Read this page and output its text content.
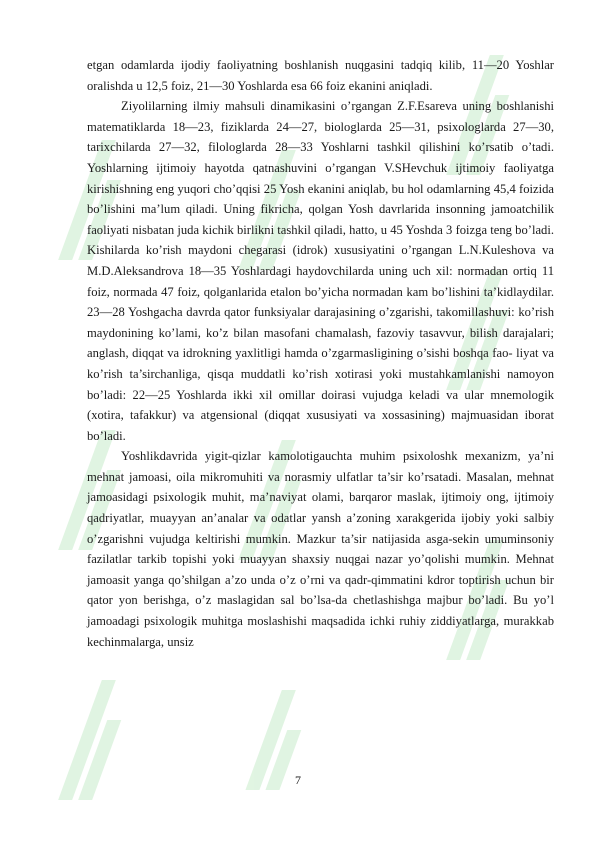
etgan odamlarda ijodiy faoliyatning boshlanish nuqgasini tadqiq kilib, 11—20 Yoshlar oralishda u 12,5 foiz, 21—30 Yoshlarda esa 66 foiz ekanini aniqladi.

Ziyolilarning ilmiy mahsuli dinamikasini o’rgangan Z.F.Esareva uning boshlanishi matematiklarda 18—23, fiziklarda 24—27, biologlarda 25—31, psixologlarda 27—30, tarixchilarda 27—32, filologlarda 28—33 Yoshlarni tashkil qilishini ko’rsatib o’tadi. Yoshlarning ijtimoiy hayotda qatnashuvini o’rgangan V.SHevchuk ijtimoiy faoliyatga kirishishning eng yuqori cho’qqisi 25 Yosh ekanini aniqlab, bu hol odamlarning 45,4 foizida bo’lishini ma’lum qiladi. Uning fikricha, qolgan Yosh davrlarida insonning jamoatchilik faoliyati nisbatan juda kichik birlikni tashkil qiladi, hatto, u 45 Yoshda 3 foizga teng bo’ladi. Kishilarda ko’rish maydoni chegarasi (idrok) xususiyatini o’rgangan L.N.Kuleshova va M.D.Aleksandrova 18—35 Yoshlardagi haydovchilarda uning uch xil: normadan ortiq 11 foiz, normada 47 foiz, qolganlarida etalon bo’yicha normadan kam bo’lishini ta’kidlaydilar. 23—28 Yoshgacha davrda qator funksiyalar darajasining o’zgarishi, takomillashuvi: ko’rish maydonining ko’lami, ko’z bilan masofani chamalash, fazoviy tasavvur, bilish darajalari; anglash, diqqat va idrokning yaxlitligi hamda o’zgarmasligining o’sishi boshqa fao- liyat va ko’rish ta’sirchanliga, qisqa muddatli ko’rish xotirasi yoki mustahkamlanishi namoyon bo’ladi: 22—25 Yoshlarda ikki xil omillar doirasi vujudga keladi va ular mnemologik (xotira, tafakkur) va atgensional (diqqat xususiyati va xossasining) majmuasidan iborat bo’ladi.

Yoshlikdavrida yigit-qizlar kamolotigauchta muhim psixoloshk mexanizm, ya’ni mehnat jamoasi, oila mikromuhiti va norasmiy ulfatlar ta’sir ko’rsatadi. Masalan, mehnat jamoasidagi psixologik muhit, ma’naviyat olami, barqaror maslak, ijtimoiy ong, ijtimoiy qadriyatlar, muayyan an’analar va odatlar yansh a’zoning xarakgerida ijobiy yoki salbiy o’zgarishni vujudga keltirishi mumkin. Mazkur ta’sir natijasida asga-sekin umuminsoniy fazilatlar tarkib topishi yoki muayyan shaxsiy nuqgai nazar yo’qolishi mumkin. Mehnat jamoasit yanga qo’shilgan a’zo unda o’z o’rni va qadr-qimmatini kdror toptirish uchun bir qator yon berishga, o’z maslagidan sal bo’lsa-da chetlashishga majbur bo’ladi. Bu yo’l jamoadagi psixologik muhitga moslashishi maqsadida ichki ruhiy ziddiyatlarga, murakkab kechinmalarga, unsiz

7
